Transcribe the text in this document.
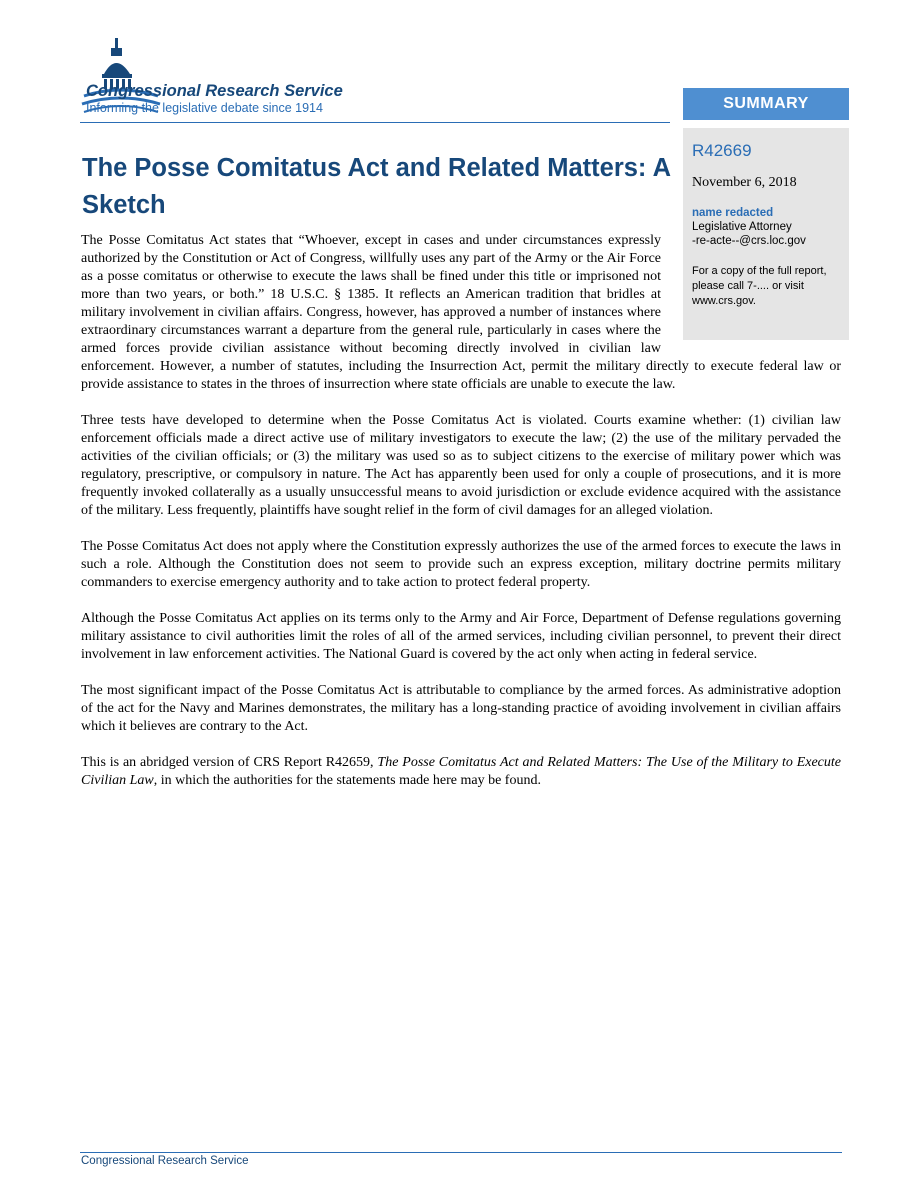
Congressional Research Service

Informing the legislative debate since 1914	SUMMARY

R42669

November 6, 2018

name redacted

Legislative Attorney

-re-acte--@crs.loc.gov

For a copy of the full report, please call 7-.... or visit www.crs.gov.

The Posse Comitatus Act and Related Matters: A Sketch

The Posse Comitatus Act states that “Whoever, except in cases and under circumstances expressly authorized by the Constitution or Act of Congress, willfully uses any part of the Army or the Air Force as a posse comitatus or otherwise to execute the laws shall be fined under this title or imprisoned not more than two years, or both.” 18 U.S.C. § 1385. It reflects an American tradition that bridles at military involvement in civilian affairs. Congress, however, has approved a number of instances where extraordinary circumstances warrant a departure from the general rule, particularly in cases where the armed forces provide civilian assistance without becoming directly involved in civilian law enforcement. However, a number of statutes, including the Insurrection Act, permit the military directly to execute federal law or provide assistance to states in the throes of insurrection where state officials are unable to execute the law.

Three tests have developed to determine when the Posse Comitatus Act is violated. Courts examine whether: (1) civilian law enforcement officials made a direct active use of military investigators to execute the law; (2) the use of the military pervaded the activities of the civilian officials; or (3) the military was used so as to subject citizens to the exercise of military power which was regulatory, prescriptive, or compulsory in nature. The Act has apparently been used for only a couple of prosecutions, and it is more frequently invoked collaterally as a usually unsuccessful means to avoid jurisdiction or exclude evidence acquired with the assistance of the military. Less frequently, plaintiffs have sought relief in the form of civil damages for an alleged violation.

The Posse Comitatus Act does not apply where the Constitution expressly authorizes the use of the armed forces to execute the laws in such a role. Although the Constitution does not seem to provide such an express exception, military doctrine permits military commanders to exercise emergency authority and to take action to protect federal property.

Although the Posse Comitatus Act applies on its terms only to the Army and Air Force, Department of Defense regulations governing military assistance to civil authorities limit the roles of all of the armed services, including civilian personnel, to prevent their direct involvement in law enforcement activities. The National Guard is covered by the act only when acting in federal service.

The most significant impact of the Posse Comitatus Act is attributable to compliance by the armed forces. As administrative adoption of the act for the Navy and Marines demonstrates, the military has a long-standing practice of avoiding involvement in civilian affairs which it believes are contrary to the Act.

This is an abridged version of CRS Report R42659, The Posse Comitatus Act and Related Matters: The Use of the Military to Execute Civilian Law, in which the authorities for the statements made here may be found.

Congressional Research Service
